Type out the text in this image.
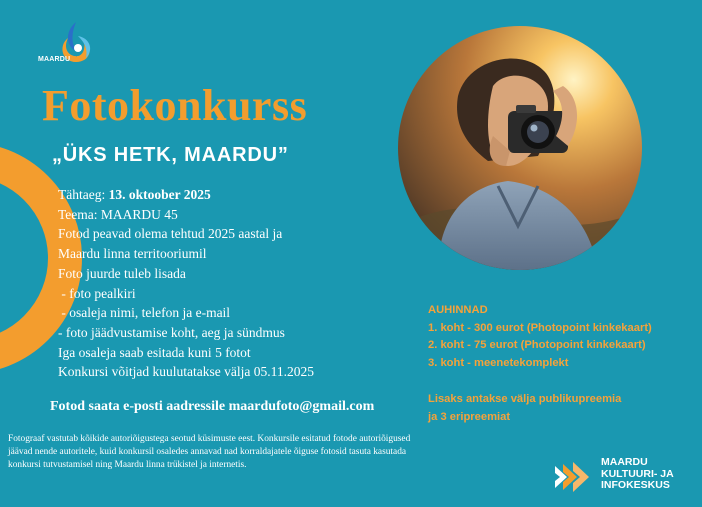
MAARDU 45
Fotokonkurss
„ÜKS HETK, MAARDU”
Tähtaeg: 13. oktoober 2025
Teema: MAARDU 45
Fotod peavad olema tehtud 2025 aastal ja
Maardu linna territooriumil
Foto juurde tuleb lisada
- foto pealkiri
- osaleja nimi, telefon ja e-mail
- foto jäädvustamise koht, aeg ja sündmus
Iga osaleja saab esitada kuni 5 fotot
Konkursi võitjad kuulutatakse välja 05.11.2025
Fotod saata e-posti aadressile maardufoto@gmail.com
Fotograaf vastutab kõikide autoriõigustega seotud küsimuste eest. Konkursile esitatud fotode autoriõigused jäävad nende autoritele, kuid konkursil osaledes annavad nad korraldajatele õiguse fotosid tasuta kasutada konkursi tutvustamisel ning Maardu linna trükistel ja internetis.
AUHINNAD
1. koht - 300 eurot (Photopoint kinkekaart)
2. koht - 75 eurot (Photopoint kinkekaart)
3. koht - meenetekomplekt
Lisaks antakse välja publikupreemia
ja 3 eripreemiat
MAARDU
KULTUURI- JA
INFOKESKUS
